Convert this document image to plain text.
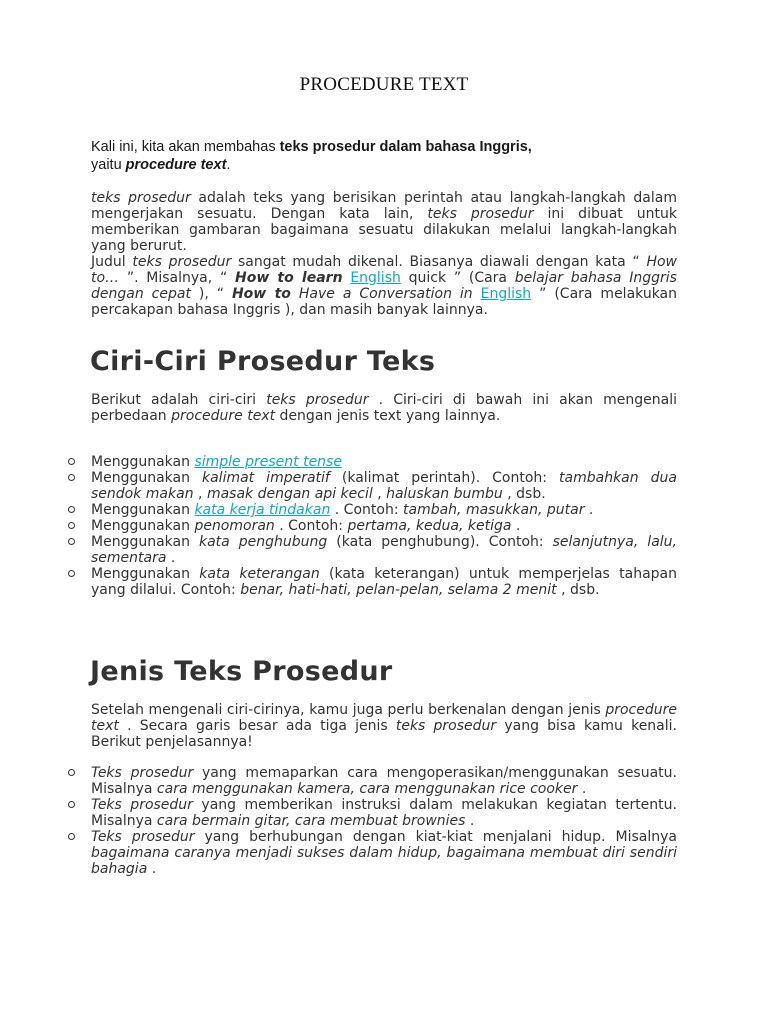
PROCEDURE TEXT
Kali ini, kita akan membahas teks prosedur dalam bahasa Inggris,
yaitu procedure text.
teks prosedur adalah teks yang berisikan perintah atau langkah-langkah dalam mengerjakan sesuatu. Dengan kata lain, teks prosedur ini dibuat untuk memberikan gambaran bagaimana sesuatu dilakukan melalui langkah-langkah yang berurut.
Judul teks prosedur sangat mudah dikenal. Biasanya diawali dengan kata “ How to… ”. Misalnya, “ How to learn English quick ” (Cara belajar bahasa Inggris dengan cepat ), “ How to Have a Conversation in English ” (Cara melakukan percakapan bahasa Inggris ), dan masih banyak lainnya.
Ciri-Ciri Prosedur Teks
Berikut adalah ciri-ciri teks prosedur . Ciri-ciri di bawah ini akan mengenali perbedaan procedure text dengan jenis text yang lainnya.
Menggunakan simple present tense
Menggunakan kalimat imperatif (kalimat perintah). Contoh: tambahkan dua sendok makan , masak dengan api kecil , haluskan bumbu , dsb.
Menggunakan kata kerja tindakan . Contoh: tambah, masukkan, putar .
Menggunakan penomoran . Contoh: pertama, kedua, ketiga .
Menggunakan kata penghubung (kata penghubung). Contoh: selanjutnya, lalu, sementara .
Menggunakan kata keterangan (kata keterangan) untuk memperjelas tahapan yang dilalui. Contoh: benar, hati-hati, pelan-pelan, selama 2 menit , dsb.
Jenis Teks Prosedur
Setelah mengenali ciri-cirinya, kamu juga perlu berkenalan dengan jenis procedure text . Secara garis besar ada tiga jenis teks prosedur yang bisa kamu kenali. Berikut penjelasannya!
Teks prosedur yang memaparkan cara mengoperasikan/menggunakan sesuatu. Misalnya cara menggunakan kamera, cara menggunakan rice cooker .
Teks prosedur yang memberikan instruksi dalam melakukan kegiatan tertentu. Misalnya cara bermain gitar, cara membuat brownies .
Teks prosedur yang berhubungan dengan kiat-kiat menjalani hidup. Misalnya bagaimana caranya menjadi sukses dalam hidup, bagaimana membuat diri sendiri bahagia .
